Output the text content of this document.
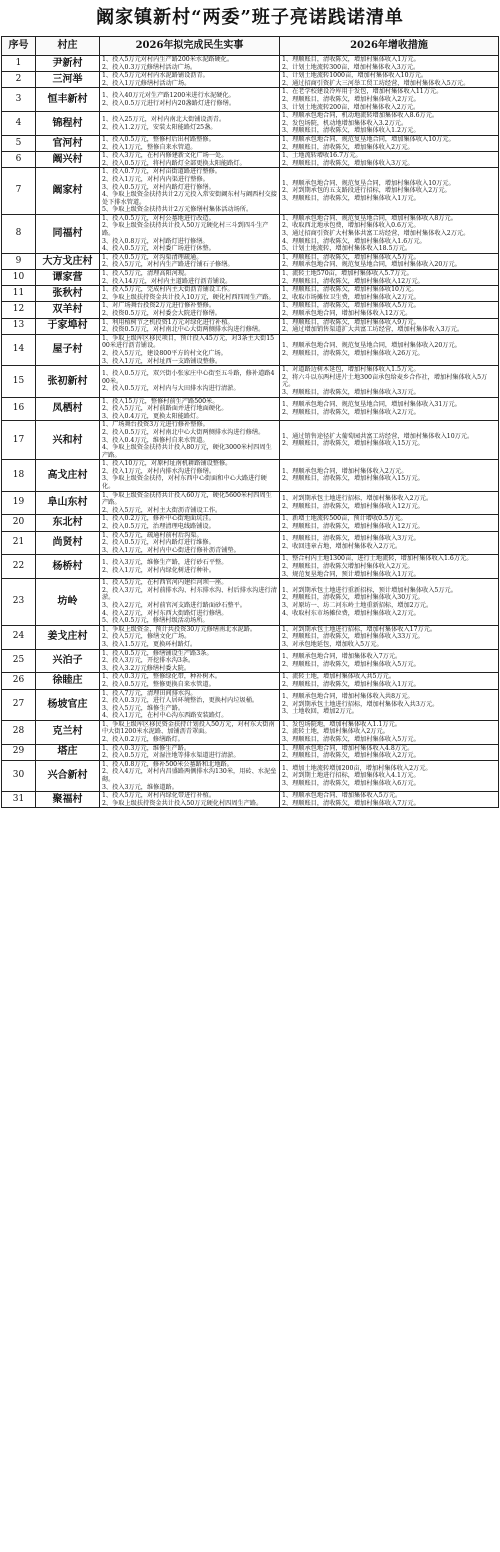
阚家镇新村“两委”班子亮诺践诺清单
序号	村庄	2026年拟完成民生实事	2026年增收措施
1	尹新村	1、投入5万元对村内生产路200米水泥路硬化。
2、投入0.3万元修缮村活动广场。	1、理顺账目，清收陈欠，增加村集体收入1万元。
2、计划土地流转300亩，增加村集体收入3万元。

2	三河举	1、投入5万元对村内水泥路铺设沥青。
2、投入1万元修缮村活动广场。	1、计划土地流转1000亩，增加村集体收入10万元。
2、通过招商引资扩大三河举工贸工坊经营，增加村集体收入5万元。

3	恒丰新村	1、投入40万元对生产路1200米进行水泥硬化。
2、投入0.5万元进行对村内20盏路灯进行修缮。	1、在老学校建设冷库用于发包，增加村集体收入11万元。
2、理顺账目，清收陈欠，增加村集体收入2万元。
3、计划土地流转200亩，增加村集体收入2万元。

4	锦程村	1、投入25万元，对村内南北大街铺设沥青。
2、投入1.2万元，安装太阳能路灯25盏。	1、理顺承包地合同，机动地流转增加集体收入8.6万元。
2、发包场院，机动地增加集体收入3.2万元。
3、理顺账目，清收陈欠，增加集体收入1.2万元。

5	官河村	1、投入0.5万元，整修村后出村路整修。
2、投入1万元，整修自来水管道。	1、理顺承包地合同、规范复垦地合同，增加集体收入10万元。
2、理顺账目，清收陈欠，增加集体收入2万元。

6	阚兴村	1、投入3万元，在村内修建新文化广场一处。
2、投入0.5万元，将村内路灯全部更换太阳能路灯。	1、土地流转增收16.7万元。
2、理顺账目，清收陈欠，增加集体收入3万元。

7	阚家村	1、投入0.7万元，对村亩街道路进行整修。
2、投入1万元，对村内内渠进行整修。
3、投入0.5万元，对村内路灯进行修缮。
4、争取上级资金扶持共计2万元投入常安街阚东村与阚西村交接处下排水管道。
5、争取上级资金扶持共计2万元修缮村集体活动场所。	1、理顺承包地合同、规范复垦合同，增加村集体收入10万元。
2、对到期承包的五支路段进行招标，增加村集体收入2万元。
3、理顺账目，清收陈欠，增加村集体收入1万元。

8	同福村	1、投入0.5万元，对村公墓地进行改造。
2、争取上级资金扶持共计投入50万元硬化村三斗到四斗生产路。
3、投入0.8万元，对村路灯进行修缮。
4、投入0.5万元，对村委广场进行休整。	1、理顺承包地合同、规范复垦地合同，增加村集体收入8万元。
2、收取西北地承包费，增加村集体收入0.6万元。
3、通过招商引资扩大村集体共富工坊经营，增加村集体收入2万元。
4、理顺账目，清收陈欠，增加村集体收入1.6万元。
5、计划土地流转，增加村集体收入18.5万元。

9	大方戈庄村	1、投入0.5万元，对沟渠清理疏通。
2、投入5万元，对村内生产路进行铺石子修缮。	1、理顺账目，清收陈欠，增加村集体收入5万元。
2、理顺承包地合同、规范复垦地合同，增加村集体收入20万元。

10	谭家营	1、投入5万元，清理高阳河现。
2、投入14万元，对村内主道路进行沥青铺设。	1、流转土地570亩，增加村集体收入5.7万元。
2、理顺账目，清收陈欠，增加村集体收入12万元。

11	张秋村	1、投入5万元，完成村内主大街沥青铺设工作。
2、争取上级扶持资金共计投入10万元，硬化村西四周生产路。	1、理顺账目，清收陈欠，增加村集体收10万元。
2、收取市场摊位卫生费，增加村集体收入2万元。

12	双羊村	1、对广场舞台投资2万元进行修补整修。
2、投资0.5万元，对村委会大院进行修缮。	1、理顺账目，清收陈欠，增加村集体收入5万元。
2、理顺承包地合同，增加村集体收入12万元。

13	于家埠村	1、利用植树节之机投资1万元对绿化进行补植。
2、投资0.5万元，对村南北中心大街两侧排水沟进行修缮。	1、理顺账目，清收陈欠，增加村集体收入9万元。
2、通过增加销售渠道扩大共富工坊经营，增加村集体收入3万元。

14	屋子村	1、争取上级库区移民项目，预计投入45万元，对3条主大街1500米进行沥青铺设。
2、投入5万元，建设800平方的村文化广场。
3、投入1万元，对村址西一支路铺设整修。	1、理顺承包地合同、规范复垦地合同，增加村集体收入20万元。
2、理顺账目，清收陈欠，增加村集体收入26万元。

15	张初新村	1、投入0.5万元，双兴街小张家庄中心街至五斗路，修补道路400米。
2、投入0.5万元，对村内与大田排水沟进行清淤。	1、对道路边树木延包，增加村集体收入1.5万元。
2、将六斗以东两村进片土地300亩承包给麦乡合作社，增加村集体收入5万元。
3、理顺账目，清收陈欠，增加村集体收入3万元。

16	凤栖村	1、投入15万元，整修村前生产路500米。
2、投入5万元，对村前路面并进行地面硬化。
3、投入0.4万元，更换太阳能路灯。	1、理顺承包地合同、规范复垦地合同，增加村集体收入31万元。
2、理顺账目，清收陈欠，增加村集体收入2万元。

17	兴和村	1、广场舞台投资3万元进行修补整修。
2、投入0.5万元，对村南北中心大街两侧排水沟进行修缮。
3、投入0.4万元，维修村自来水管道。
4、争取上级资金扶持共计投入80万元，硬化3000米村四周生产路。	1、通过销售途径扩大葡萄园共富工坊经营，增加村集体收入10万元。
2、理顺账目，清收陈欠，增加村集体收入15万元。

18	高戈庄村	1、投入10万元，对原村址南机耕路铺设整修。
2、投入1万元，对村内排水沟进行修缮。
3、争取上级资金扶持，对村东西中心街面和中心大路进行硬化。	1、理顺承包地合同，增加村集体收入2万元。
2、理顺账目，清收陈欠，增加村集体收入15万元。

19	阜山东村	1、争取上级资金扶持共计投入60万元，硬化5600米村四周生产路。
2、投入5万元，对村主大街沥青铺设工作。	1、对到期承包土地进行招标，增加村集体收入2万元。
2、理顺账目，清收陈欠，增加村集体收入12万元。

20	东北村	1、投入0.2万元，修补中心街地面坑洼。
2、投入0.5万元，治理清理电线路铺设。	1、新增土地流转500亩，预计增收0.5万元。
2、理顺账目，清收陈欠，增加村集体收入12万元。

21	尚贤村	1、投入5万元，疏通村前村后沟渠。
2、投入0.5万元，对村内路灯进行维修。
3、投入1万元，对村内中心街进行修补沥青铺垫。	1、理顺账目，清收陈欠，增加村集体收入3万元。
2、收回违章占地，增加村集体收入2万元。

22	杨桥村	1、投入3万元，维修生产路，进行砂石平整。
2、投入1万元，对村内绿化树进行种补。	1、整合村内土地1300亩，进行土地流转，增加村集体收入1.6万元。
2、理顺账目，清收陈欠增加村集体收入2万元。
3、规范复垦地合同，预计增加村集体收入1万元。

23	坊岭	1、投入5万元，在村西官河内建拦河坝一座。
2、投入3万元，对村前排水沟、村东排水沟、村后排水沟进行清淤。
3、投入2万元，对村前官河支路进行路面砂石整平。
4、投入2万元，对村东西大街路灯进行修缮。
5、投入0.5万元，修缮村级活动场所。	1、对到期承包土地进行重新招标，预计增加村集体收入5万元。
2、理顺账目，清收陈欠，增加村集体收入30万元。
3、对原坊一、坊二河东岭土地重新招标，增加2万元。
4、收取村东市场摊位费，增加村集体收入2万元。

24	姜戈庄村	1、争取上级资金，预计共投资30万元修缮南北水泥路。
2、投入5万元，修缮文化广场。
3、投入1.5万元，更换环村路灯。	1、对到期承包土地进行招标，增加村集体收入17万元。
2、理顺账目，清收陈欠，增加村集体收入33万元。
3、对承包地延包，增加收入5万元。

25	兴泊子	1、投入0.5万元，修缮铺设生产路3条。
2、投入3万元，开挖排水沟3条。
3、投入3.2万元修缮村委大院。	1、理顺承包地合同，增加集体收入7万元。
2、理顺账目，清收陈欠，增加村集体收入5万元。

26	徐睦庄	1、投入0.3万元，整修绿化带，种补树木。
2、投入0.5万元，整修更换自来水管道。	1、流转土地，增加村集体收入共5万元。
2、理顺账目，清收陈欠，增加村集体收入1万元。

27	杨坡官庄	1、投入7万元，清理田间排水沟。
2、投入0.3万元，进行人居环境整治，更换村内垃圾桶。
3、投入5万元，维修生产路。
4、投入1万元，在村中心沟东西路安装路灯。	1、理顺承包地合同，增加村集体收入共8万元。
2、对到期承包土地进行招标，增加村集体收入共3万元。
3、土地收回，增加2万元。

28	克兰村	1、争取上级库区移民资金扶持计划投入50万元，对村东大街南中大街1200米水泥路、加铺沥青罩面。
2、投入0.2万元，修缮路灯。	1、发包场院地，增加村集体收入1.1万元。
2、流转土地，增加村集体收入2万元。
3、理顺账目，清收陈欠，增加村集体收入5万元。

29	塔庄	1、投入0.3万元，维修生产路。
2、投入0.5万元，对湿注地等排水渠道进行清淤。	1、理顺承包地合同，增加村集体收入4.8万元。
2、理顺账目，清收陈欠，增加村集体收入2万元。

30	兴合新村	1、投入0.8万元，修补500米公墓路和北地路。
2、投入4万元，对村内昌盛路两侧排水沟130米，用砖、水泥垒砌。
3、投入3万元，维修道路。	1、增加土地流转增加200亩，增加村集体收入2万元。
2、对到期土地进行招标，增加集体收入4.1万元。
3、理顺账目，清收陈欠，增加村集体收入6万元。

31	聚福村	1、投入5万元，对村内绿化带进行补植。
2、争取上级扶持资金共计投入50万元硬化村四周生产路。	1、理顺承包地合同、增加集体收入5万元。
2、理顺账目，清收陈欠，增加村集体收入7万元。
